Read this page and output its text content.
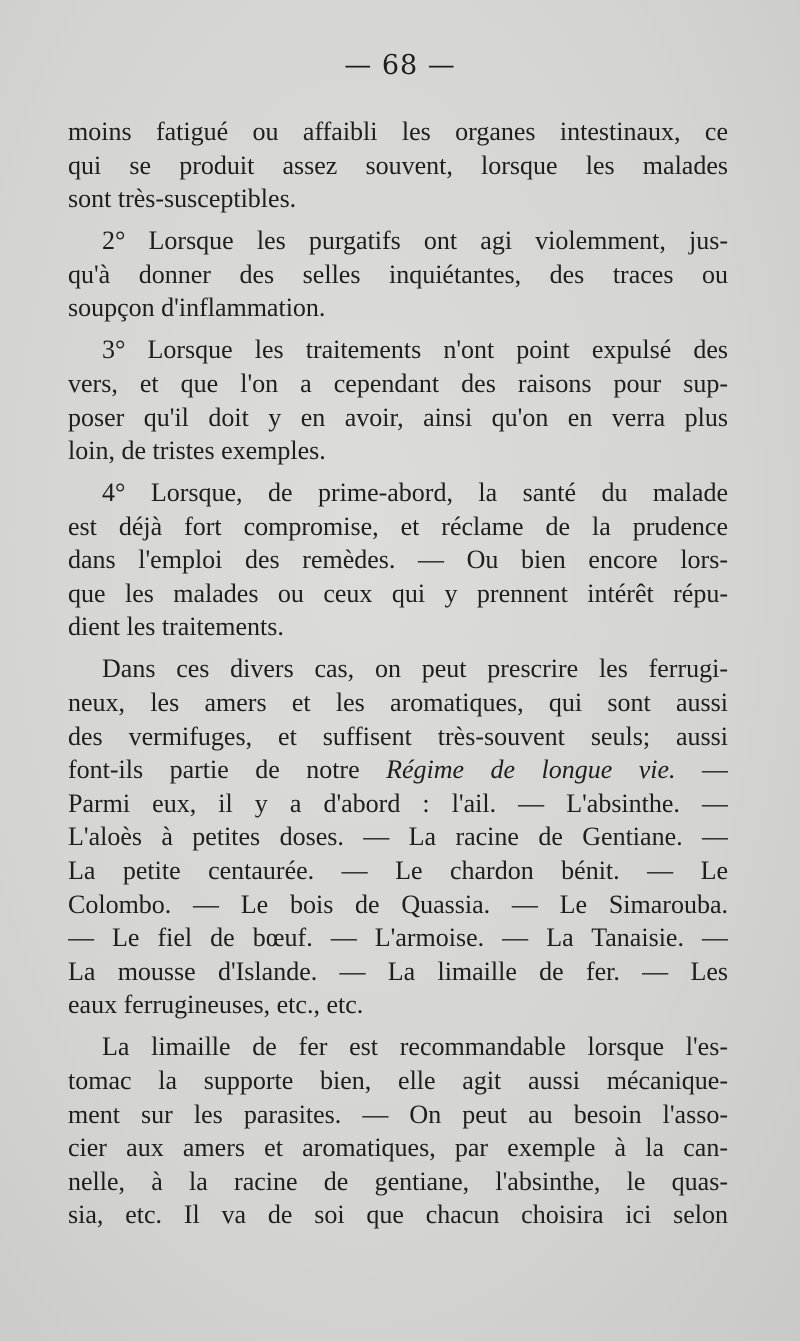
— 68 —
moins fatigué ou affaibli les organes intestinaux, ce
qui se produit assez souvent, lorsque les malades
sont très-susceptibles.
2° Lorsque les purgatifs ont agi violemment, jus-
qu'à donner des selles inquiétantes, des traces ou
soupçon d'inflammation.
3° Lorsque les traitements n'ont point expulsé des
vers, et que l'on a cependant des raisons pour sup-
poser qu'il doit y en avoir, ainsi qu'on en verra plus
loin, de tristes exemples.
4° Lorsque, de prime-abord, la santé du malade
est déjà fort compromise, et réclame de la prudence
dans l'emploi des remèdes. — Ou bien encore lors-
que les malades ou ceux qui y prennent intérêt répu-
dient les traitements.
Dans ces divers cas, on peut prescrire les ferrugi-
neux, les amers et les aromatiques, qui sont aussi
des vermifuges, et suffisent très-souvent seuls; aussi
font-ils partie de notre Régime de longue vie. —
Parmi eux, il y a d'abord : l'ail. — L'absinthe. —
L'aloès à petites doses. — La racine de Gentiane. —
La petite centaurée. — Le chardon bénit. — Le
Colombo. — Le bois de Quassia. — Le Simarouba.
— Le fiel de bœuf. — L'armoise. — La Tanaisie. —
La mousse d'Islande. — La limaille de fer. — Les
eaux ferrugineuses, etc., etc.
La limaille de fer est recommandable lorsque l'es-
tomac la supporte bien, elle agit aussi mécanique-
ment sur les parasites. — On peut au besoin l'asso-
cier aux amers et aromatiques, par exemple à la can-
nelle, à la racine de gentiane, l'absinthe, le quas-
sia, etc. Il va de soi que chacun choisira ici selon
